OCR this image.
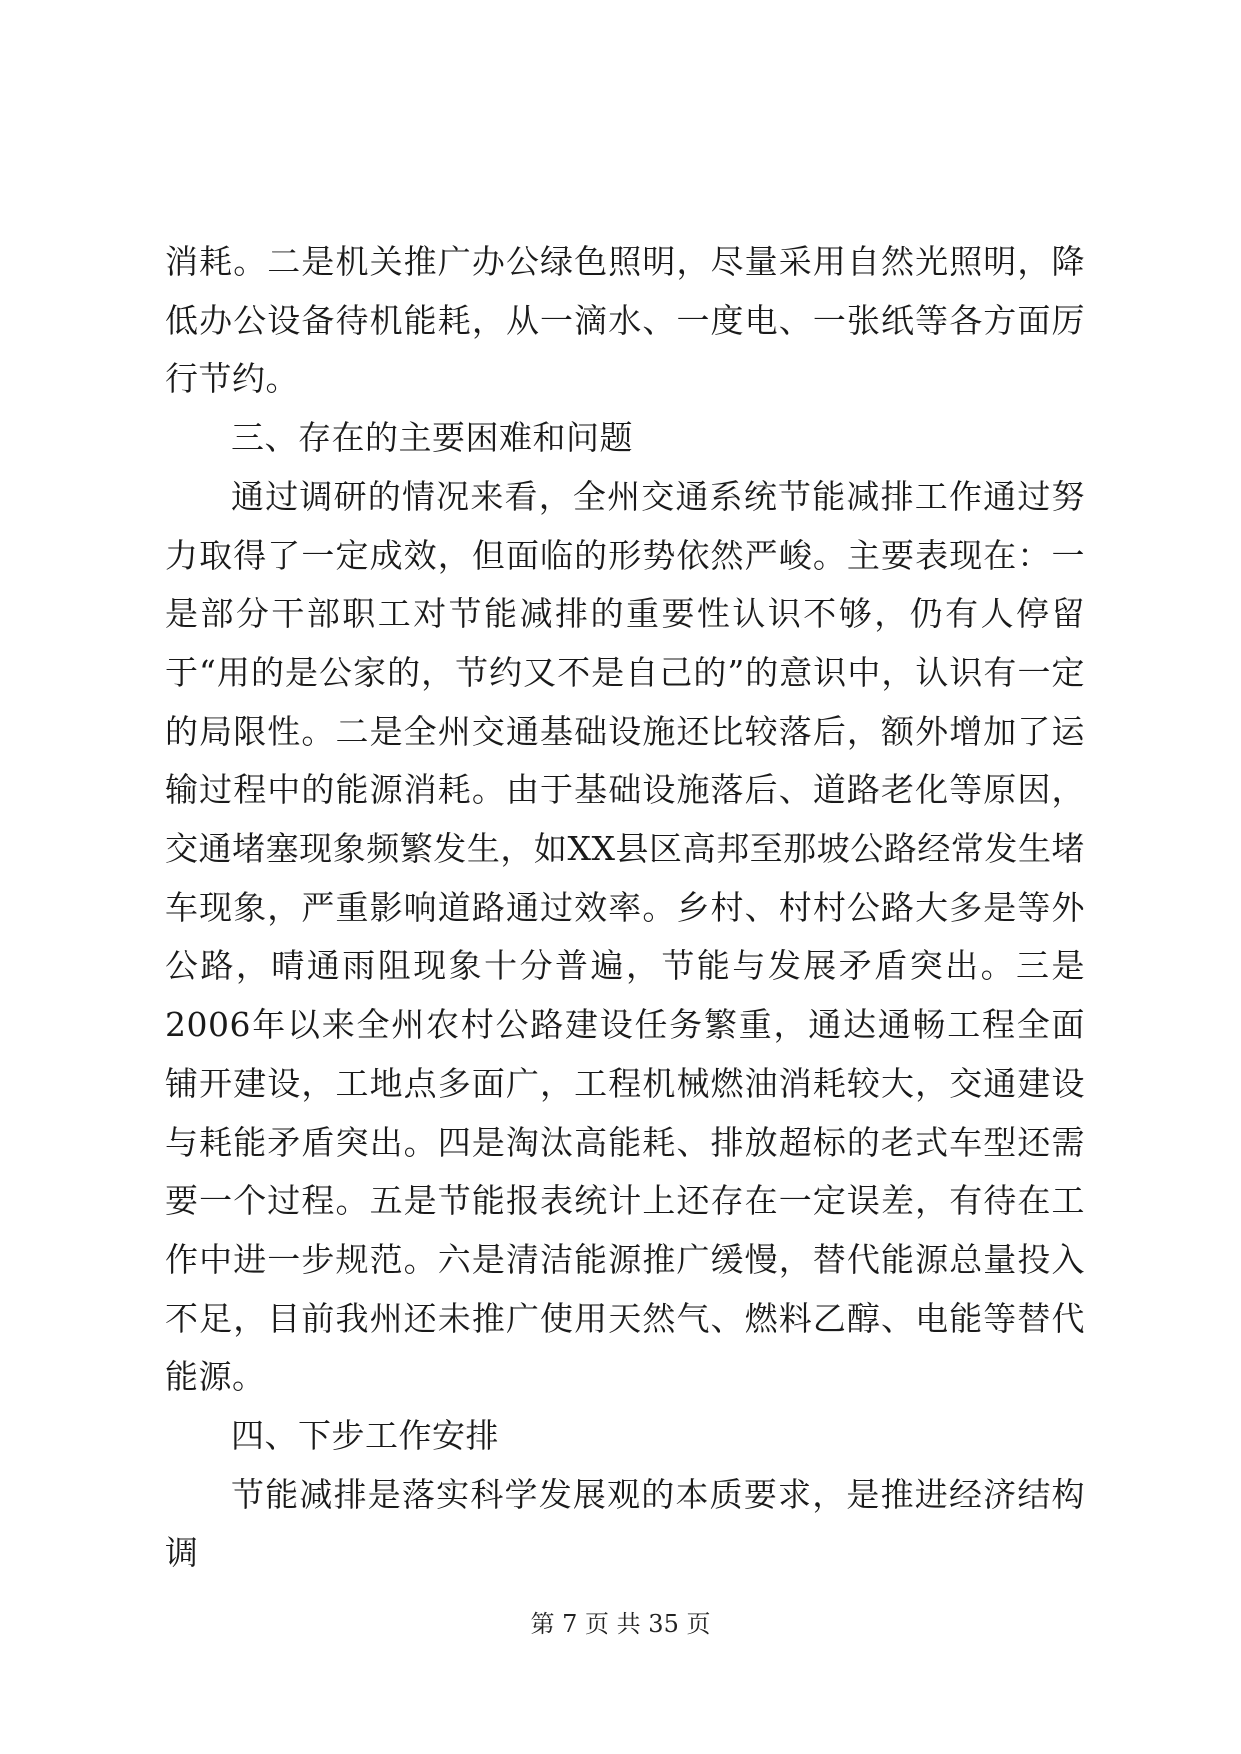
消耗。二是机关推广办公绿色照明，尽量采用自然光照明，降低办公设备待机能耗，从一滴水、一度电、一张纸等各方面厉行节约。

三、存在的主要困难和问题

通过调研的情况来看，全州交通系统节能减排工作通过努力取得了一定成效，但面临的形势依然严峻。主要表现在：一是部分干部职工对节能减排的重要性认识不够，仍有人停留于“用的是公家的，节约又不是自己的”的意识中，认识有一定的局限性。二是全州交通基础设施还比较落后，额外增加了运输过程中的能源消耗。由于基础设施落后、道路老化等原因，交通堵塞现象频繁发生，如XX县区高邦至那坡公路经常发生堵车现象，严重影响道路通过效率。乡村、村村公路大多是等外公路，晴通雨阻现象十分普遍，节能与发展矛盾突出。三是2006年以来全州农村公路建设任务繁重，通达通畅工程全面铺开建设，工地点多面广，工程机械燃油消耗较大，交通建设与耗能矛盾突出。四是淘汰高能耗、排放超标的老式车型还需要一个过程。五是节能报表统计上还存在一定误差，有待在工作中进一步规范。六是清洁能源推广缓慢，替代能源总量投入不足，目前我州还未推广使用天然气、燃料乙醇、电能等替代能源。

四、下步工作安排

节能减排是落实科学发展观的本质要求，是推进经济结构调

第 7 页 共 35 页
